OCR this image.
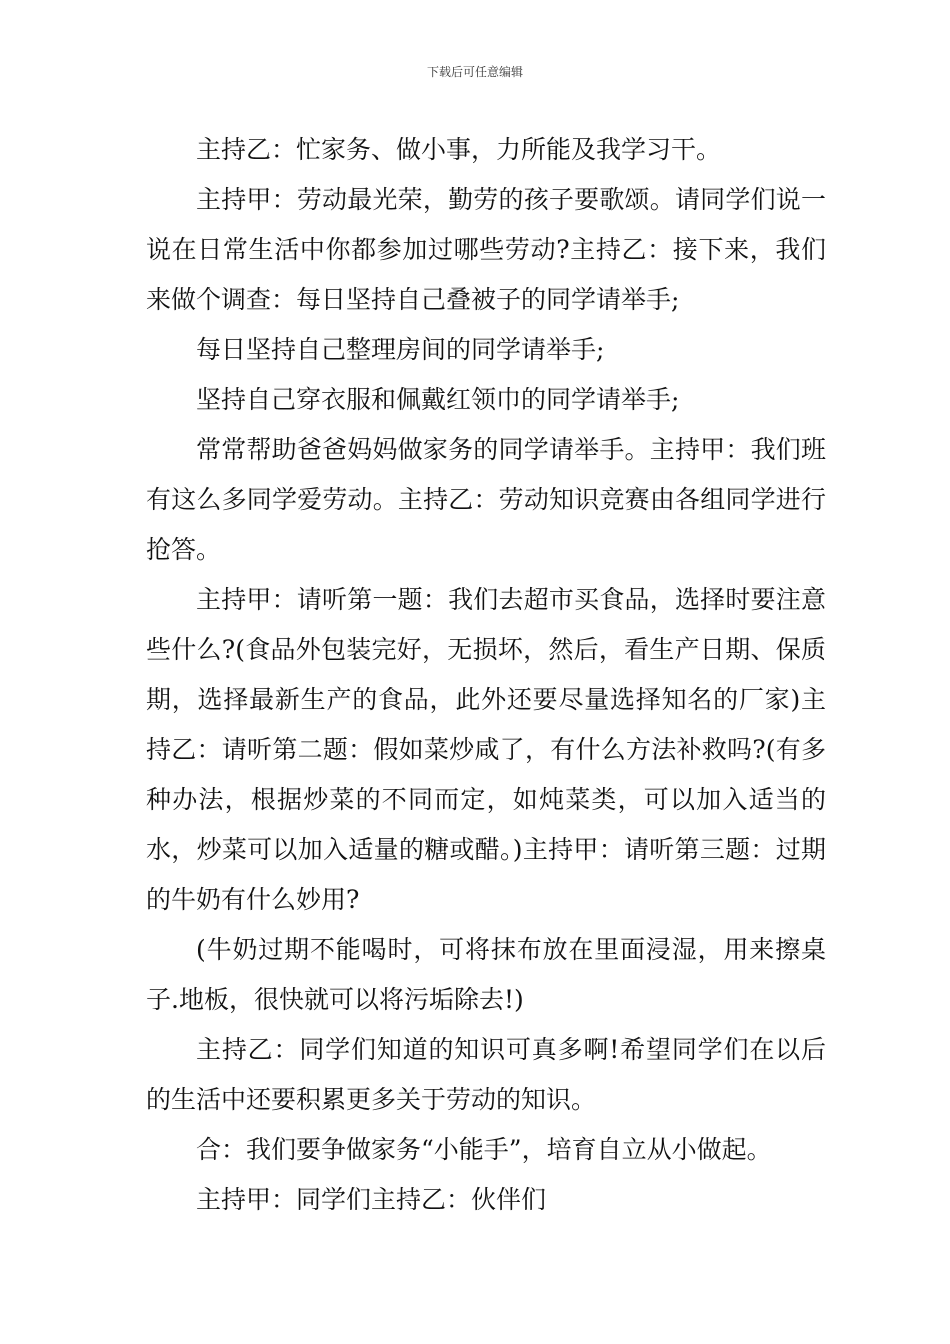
下载后可任意编辑

主持乙：忙家务、做小事，力所能及我学习干。

主持甲：劳动最光荣，勤劳的孩子要歌颂。请同学们说一说在日常生活中你都参加过哪些劳动?主持乙：接下来，我们来做个调查：每日坚持自己叠被子的同学请举手;

每日坚持自己整理房间的同学请举手;

坚持自己穿衣服和佩戴红领巾的同学请举手;

常常帮助爸爸妈妈做家务的同学请举手。主持甲：我们班有这么多同学爱劳动。主持乙：劳动知识竞赛由各组同学进行抢答。

主持甲：请听第一题：我们去超市买食品，选择时要注意些什么?(食品外包装完好，无损坏，然后，看生产日期、保质期，选择最新生产的食品，此外还要尽量选择知名的厂家)主持乙：请听第二题：假如菜炒咸了，有什么方法补救吗?(有多种办法，根据炒菜的不同而定，如炖菜类，可以加入适当的水，炒菜可以加入适量的糖或醋。)主持甲：请听第三题：过期的牛奶有什么妙用?

(牛奶过期不能喝时，可将抹布放在里面浸湿，用来擦桌子.地板，很快就可以将污垢除去!)

主持乙：同学们知道的知识可真多啊!希望同学们在以后的生活中还要积累更多关于劳动的知识。

合：我们要争做家务“小能手”，培育自立从小做起。

主持甲：同学们主持乙：伙伴们
